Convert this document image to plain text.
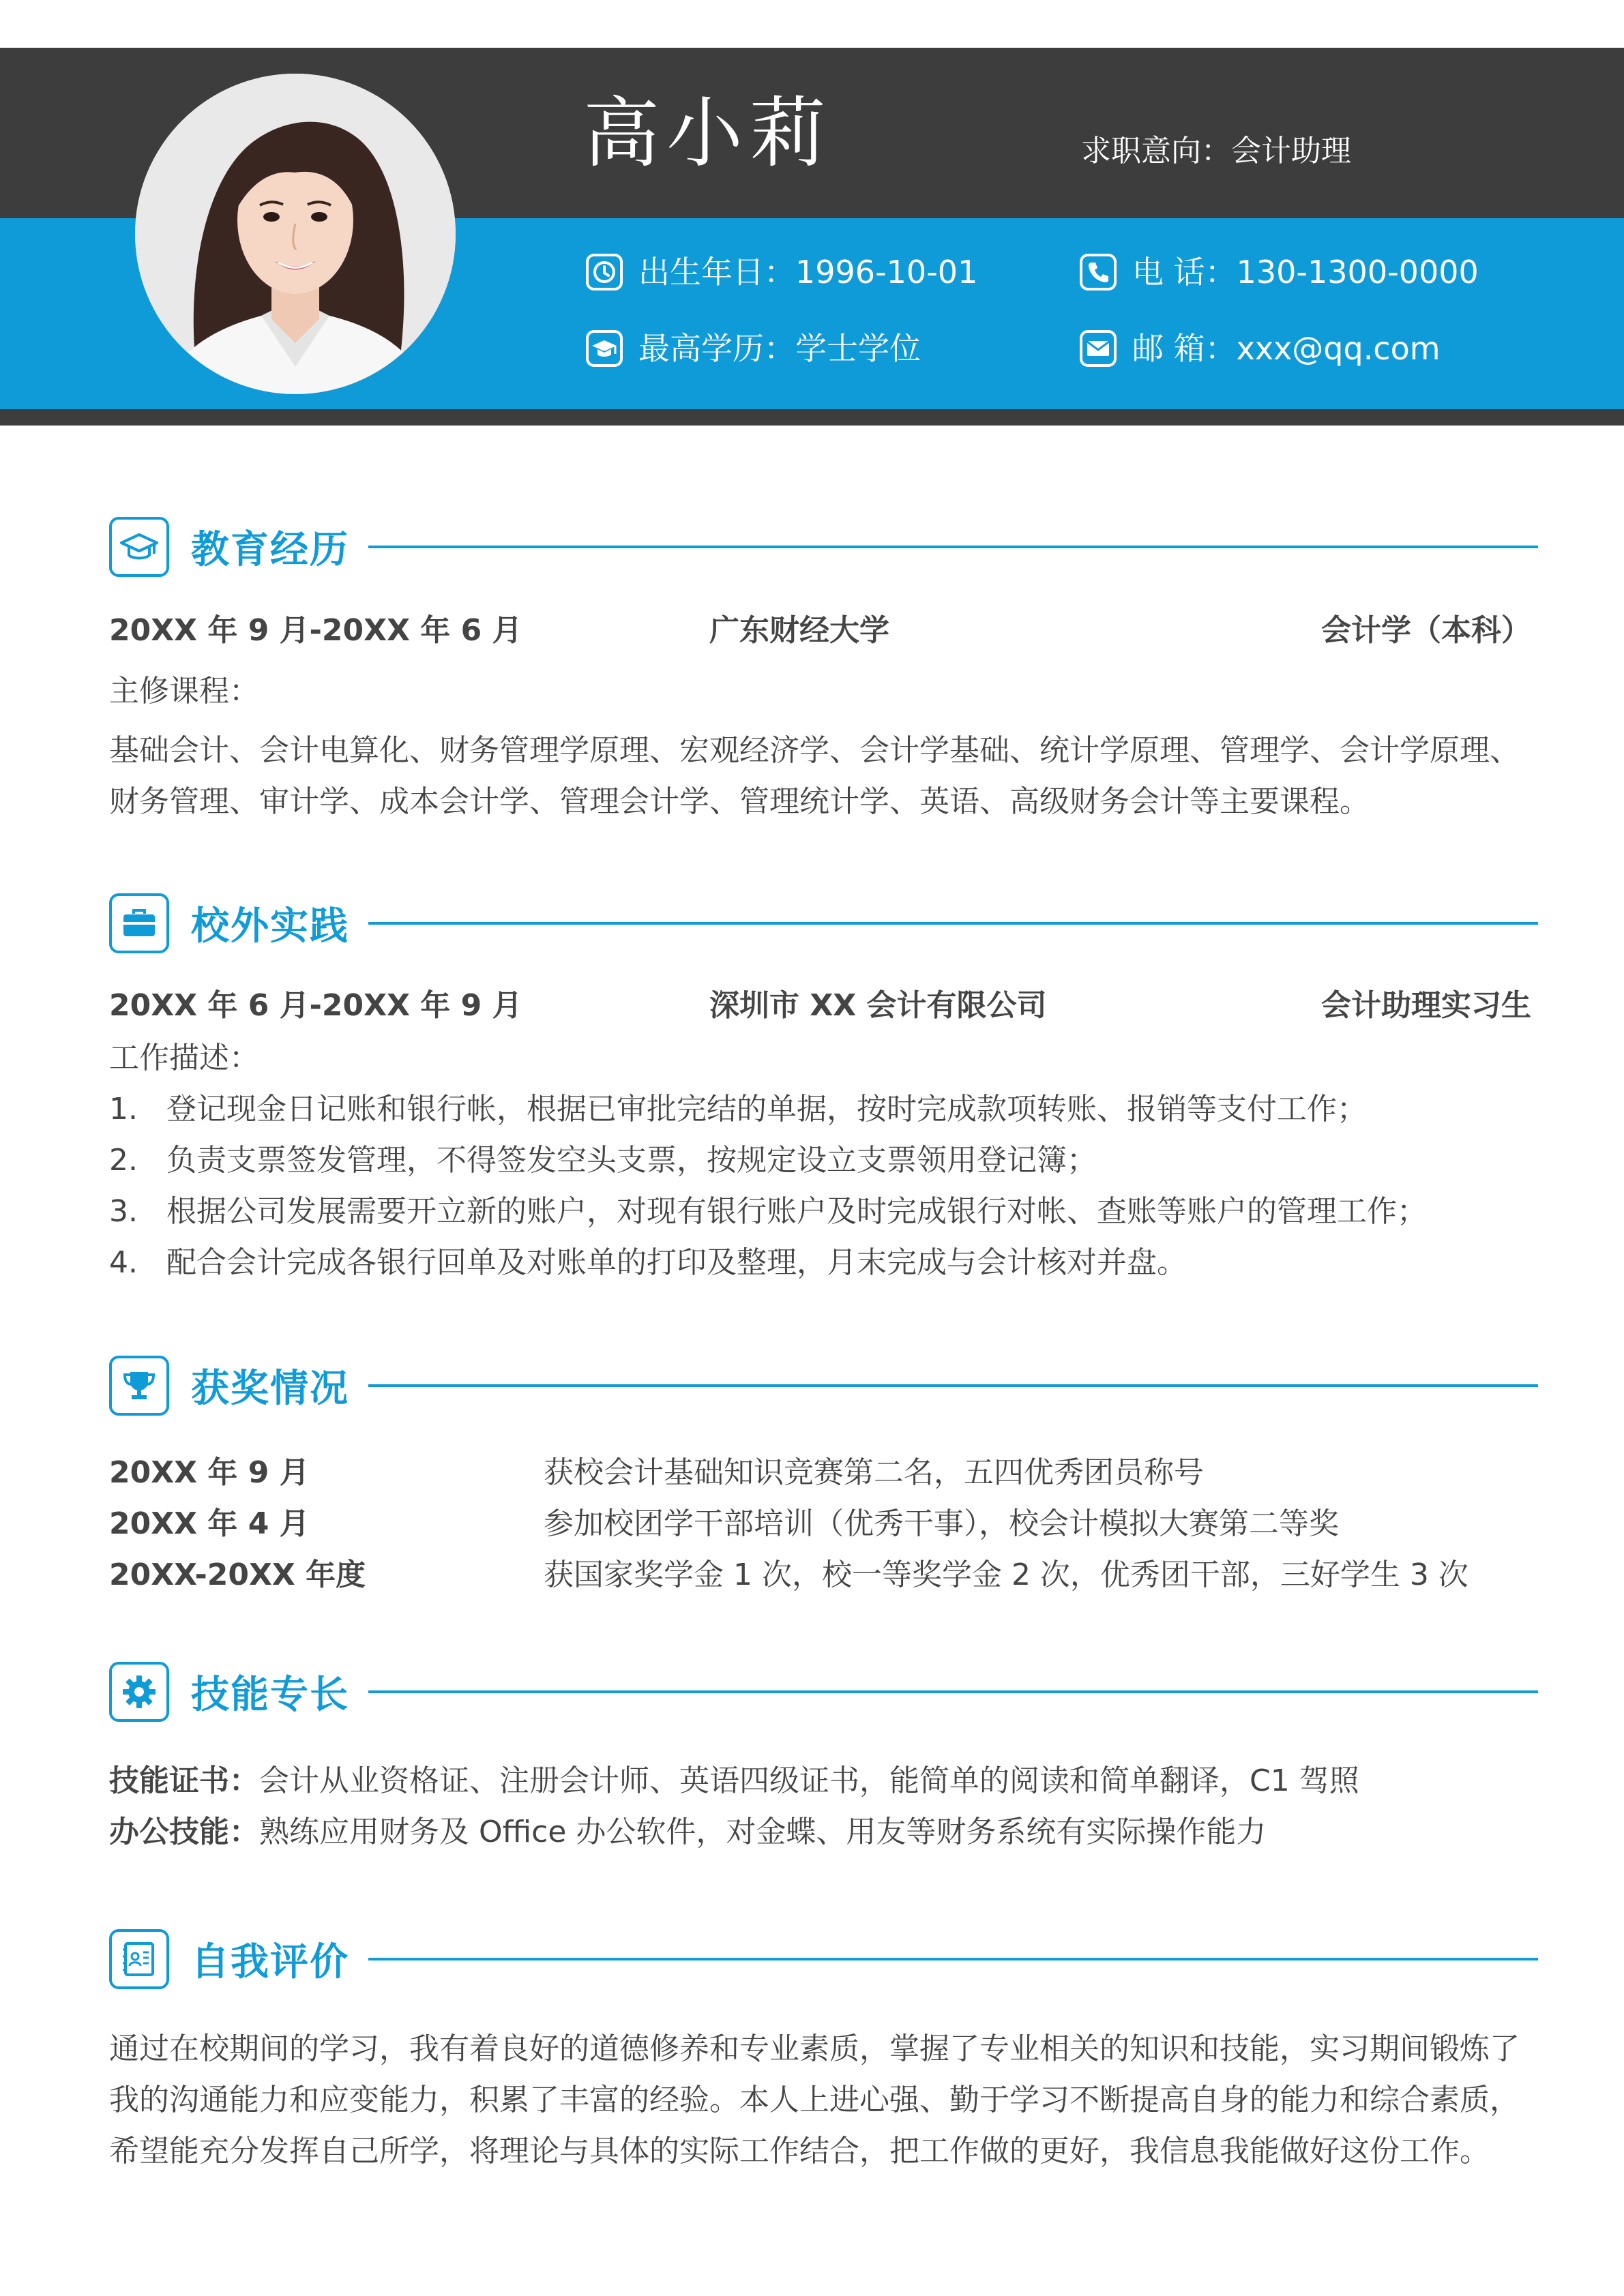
高小莉	求职意向：会计助理
出生年日：1996-10-01	电 话：130-1300-0000
最高学历：学士学位	邮 箱：xxx@qq.com
教育经历
20XX 年 9 月-20XX 年 6 月	广东财经大学	会计学（本科）
主修课程：
基础会计、会计电算化、财务管理学原理、宏观经济学、会计学基础、统计学原理、管理学、会计学原理、
财务管理、审计学、成本会计学、管理会计学、管理统计学、英语、高级财务会计等主要课程。
校外实践
20XX 年 6 月-20XX 年 9 月	深圳市 XX 会计有限公司	会计助理实习生
工作描述：
1. 登记现金日记账和银行帐，根据已审批完结的单据，按时完成款项转账、报销等支付工作；
2. 负责支票签发管理，不得签发空头支票，按规定设立支票领用登记簿；
3. 根据公司发展需要开立新的账户，对现有银行账户及时完成银行对帐、查账等账户的管理工作；
4. 配合会计完成各银行回单及对账单的打印及整理，月末完成与会计核对并盘。
获奖情况
20XX 年 9 月	获校会计基础知识竞赛第二名，五四优秀团员称号
20XX 年 4 月	参加校团学干部培训（优秀干事），校会计模拟大赛第二等奖
20XX-20XX 年度	获国家奖学金 1 次，校一等奖学金 2 次，优秀团干部，三好学生 3 次
技能专长
技能证书：会计从业资格证、注册会计师、英语四级证书，能简单的阅读和简单翻译，C1 驾照
办公技能：熟练应用财务及 Office 办公软件，对金蝶、用友等财务系统有实际操作能力
自我评价
通过在校期间的学习，我有着良好的道德修养和专业素质，掌握了专业相关的知识和技能，实习期间锻炼了
我的沟通能力和应变能力，积累了丰富的经验。本人上进心强、勤于学习不断提高自身的能力和综合素质，
希望能充分发挥自己所学，将理论与具体的实际工作结合，把工作做的更好，我信息我能做好这份工作。
